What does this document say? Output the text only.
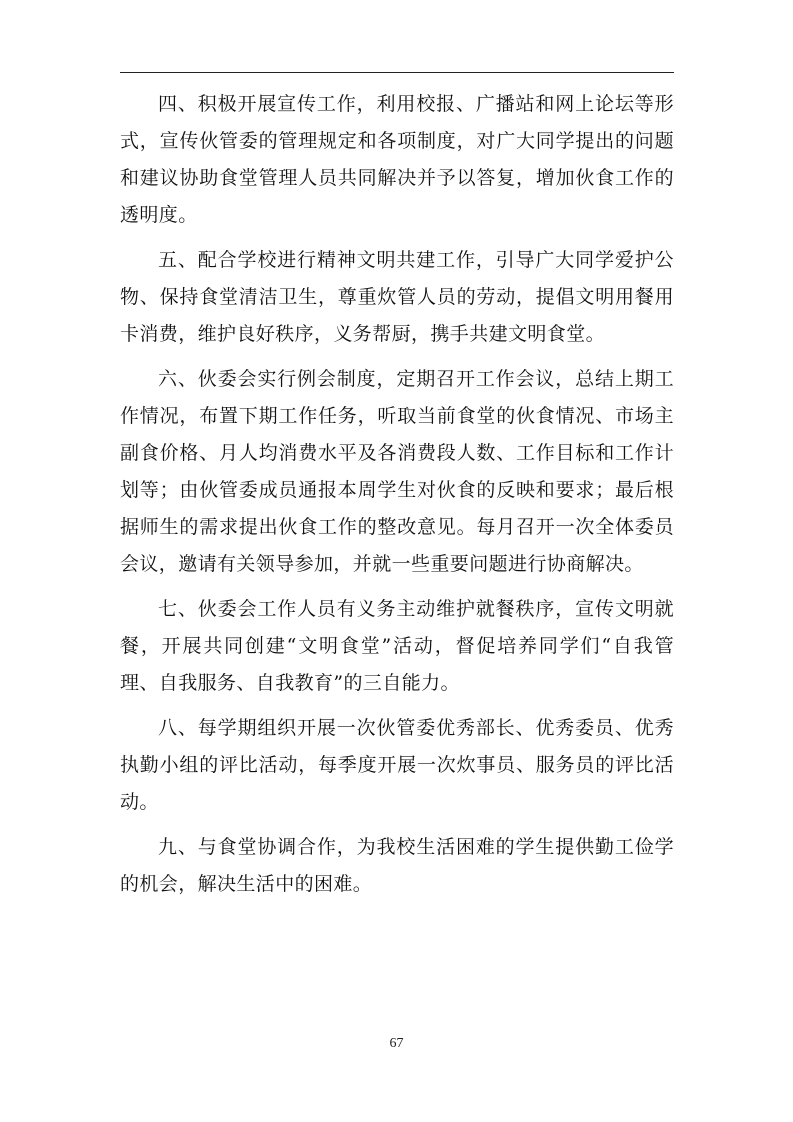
四、积极开展宣传工作，利用校报、广播站和网上论坛等形式，宣传伙管委的管理规定和各项制度，对广大同学提出的问题和建议协助食堂管理人员共同解决并予以答复，增加伙食工作的透明度。

五、配合学校进行精神文明共建工作，引导广大同学爱护公物、保持食堂清洁卫生，尊重炊管人员的劳动，提倡文明用餐用卡消费，维护良好秩序，义务帮厨，携手共建文明食堂。

六、伙委会实行例会制度，定期召开工作会议，总结上期工作情况，布置下期工作任务，听取当前食堂的伙食情况、市场主副食价格、月人均消费水平及各消费段人数、工作目标和工作计划等；由伙管委成员通报本周学生对伙食的反映和要求；最后根据师生的需求提出伙食工作的整改意见。每月召开一次全体委员会议，邀请有关领导参加，并就一些重要问题进行协商解决。

七、伙委会工作人员有义务主动维护就餐秩序，宣传文明就餐，开展共同创建“文明食堂”活动，督促培养同学们“自我管理、自我服务、自我教育”的三自能力。

八、每学期组织开展一次伙管委优秀部长、优秀委员、优秀执勤小组的评比活动，每季度开展一次炊事员、服务员的评比活动。

九、与食堂协调合作，为我校生活困难的学生提供勤工俭学的机会，解决生活中的困难。

67
